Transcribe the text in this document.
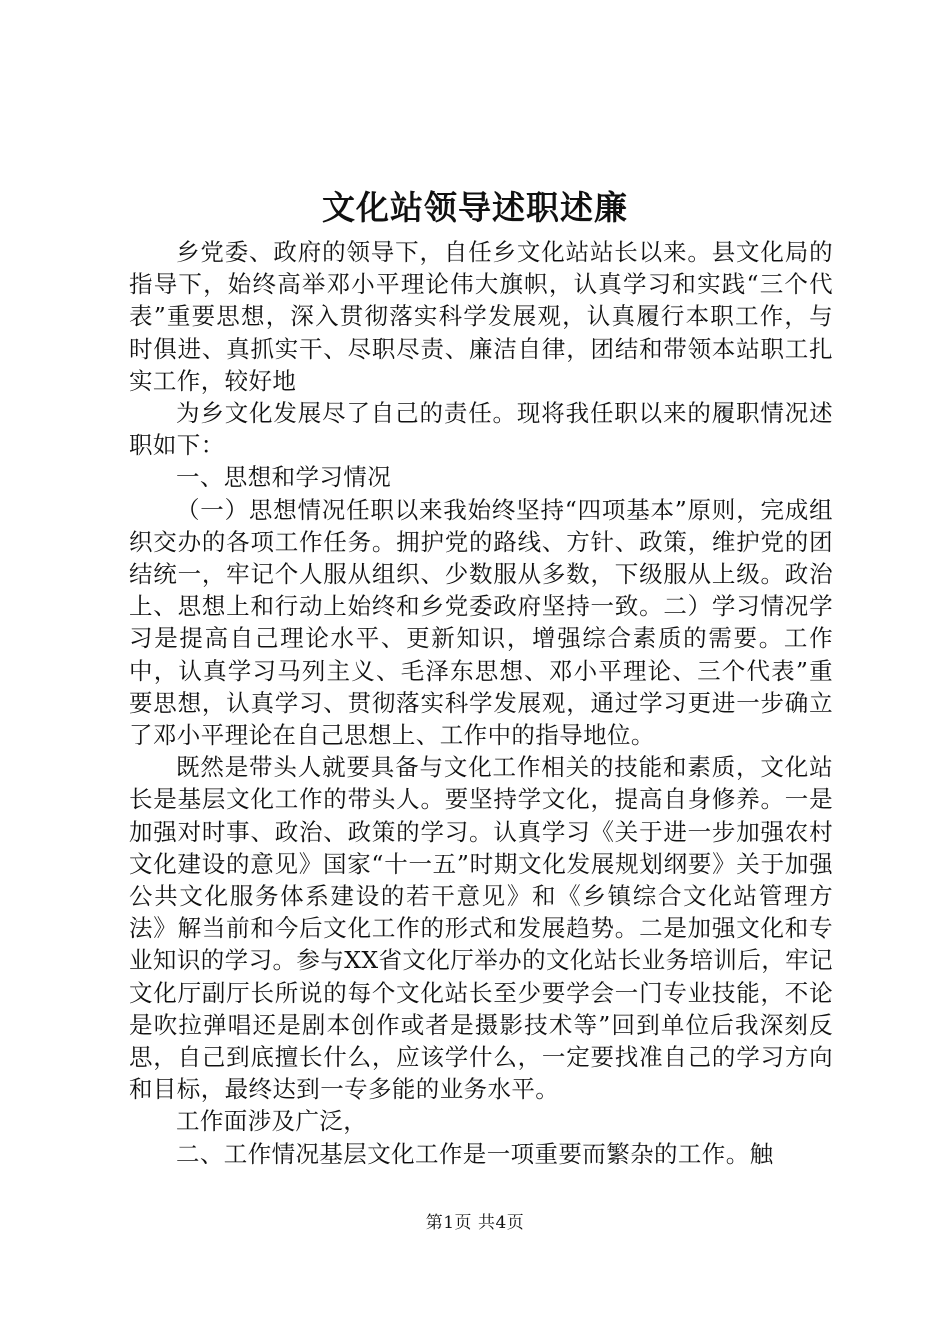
文化站领导述职述廉

乡党委、政府的领导下，自任乡文化站站长以来。县文化局的指导下，始终高举邓小平理论伟大旗帜，认真学习和实践“三个代表”重要思想，深入贯彻落实科学发展观，认真履行本职工作，与时俱进、真抓实干、尽职尽责、廉洁自律，团结和带领本站职工扎实工作，较好地

为乡文化发展尽了自己的责任。现将我任职以来的履职情况述职如下：

一、思想和学习情况

（一）思想情况任职以来我始终坚持“四项基本”原则，完成组织交办的各项工作任务。拥护党的路线、方针、政策，维护党的团结统一，牢记个人服从组织、少数服从多数，下级服从上级。政治上、思想上和行动上始终和乡党委政府坚持一致。二）学习情况学习是提高自己理论水平、更新知识，增强综合素质的需要。工作中，认真学习马列主义、毛泽东思想、邓小平理论、三个代表”重要思想，认真学习、贯彻落实科学发展观，通过学习更进一步确立了邓小平理论在自己思想上、工作中的指导地位。

既然是带头人就要具备与文化工作相关的技能和素质，文化站长是基层文化工作的带头人。要坚持学文化，提高自身修养。一是加强对时事、政治、政策的学习。认真学习《关于进一步加强农村文化建设的意见》国家“十一五”时期文化发展规划纲要》关于加强公共文化服务体系建设的若干意见》和《乡镇综合文化站管理方法》解当前和今后文化工作的形式和发展趋势。二是加强文化和专业知识的学习。参与XX省文化厅举办的文化站长业务培训后，牢记文化厅副厅长所说的每个文化站长至少要学会一门专业技能，不论是吹拉弹唱还是剧本创作或者是摄影技术等”回到单位后我深刻反思，自己到底擅长什么，应该学什么，一定要找准自己的学习方向和目标，最终达到一专多能的业务水平。

工作面涉及广泛，

二、工作情况基层文化工作是一项重要而繁杂的工作。触

第1页 共4页
